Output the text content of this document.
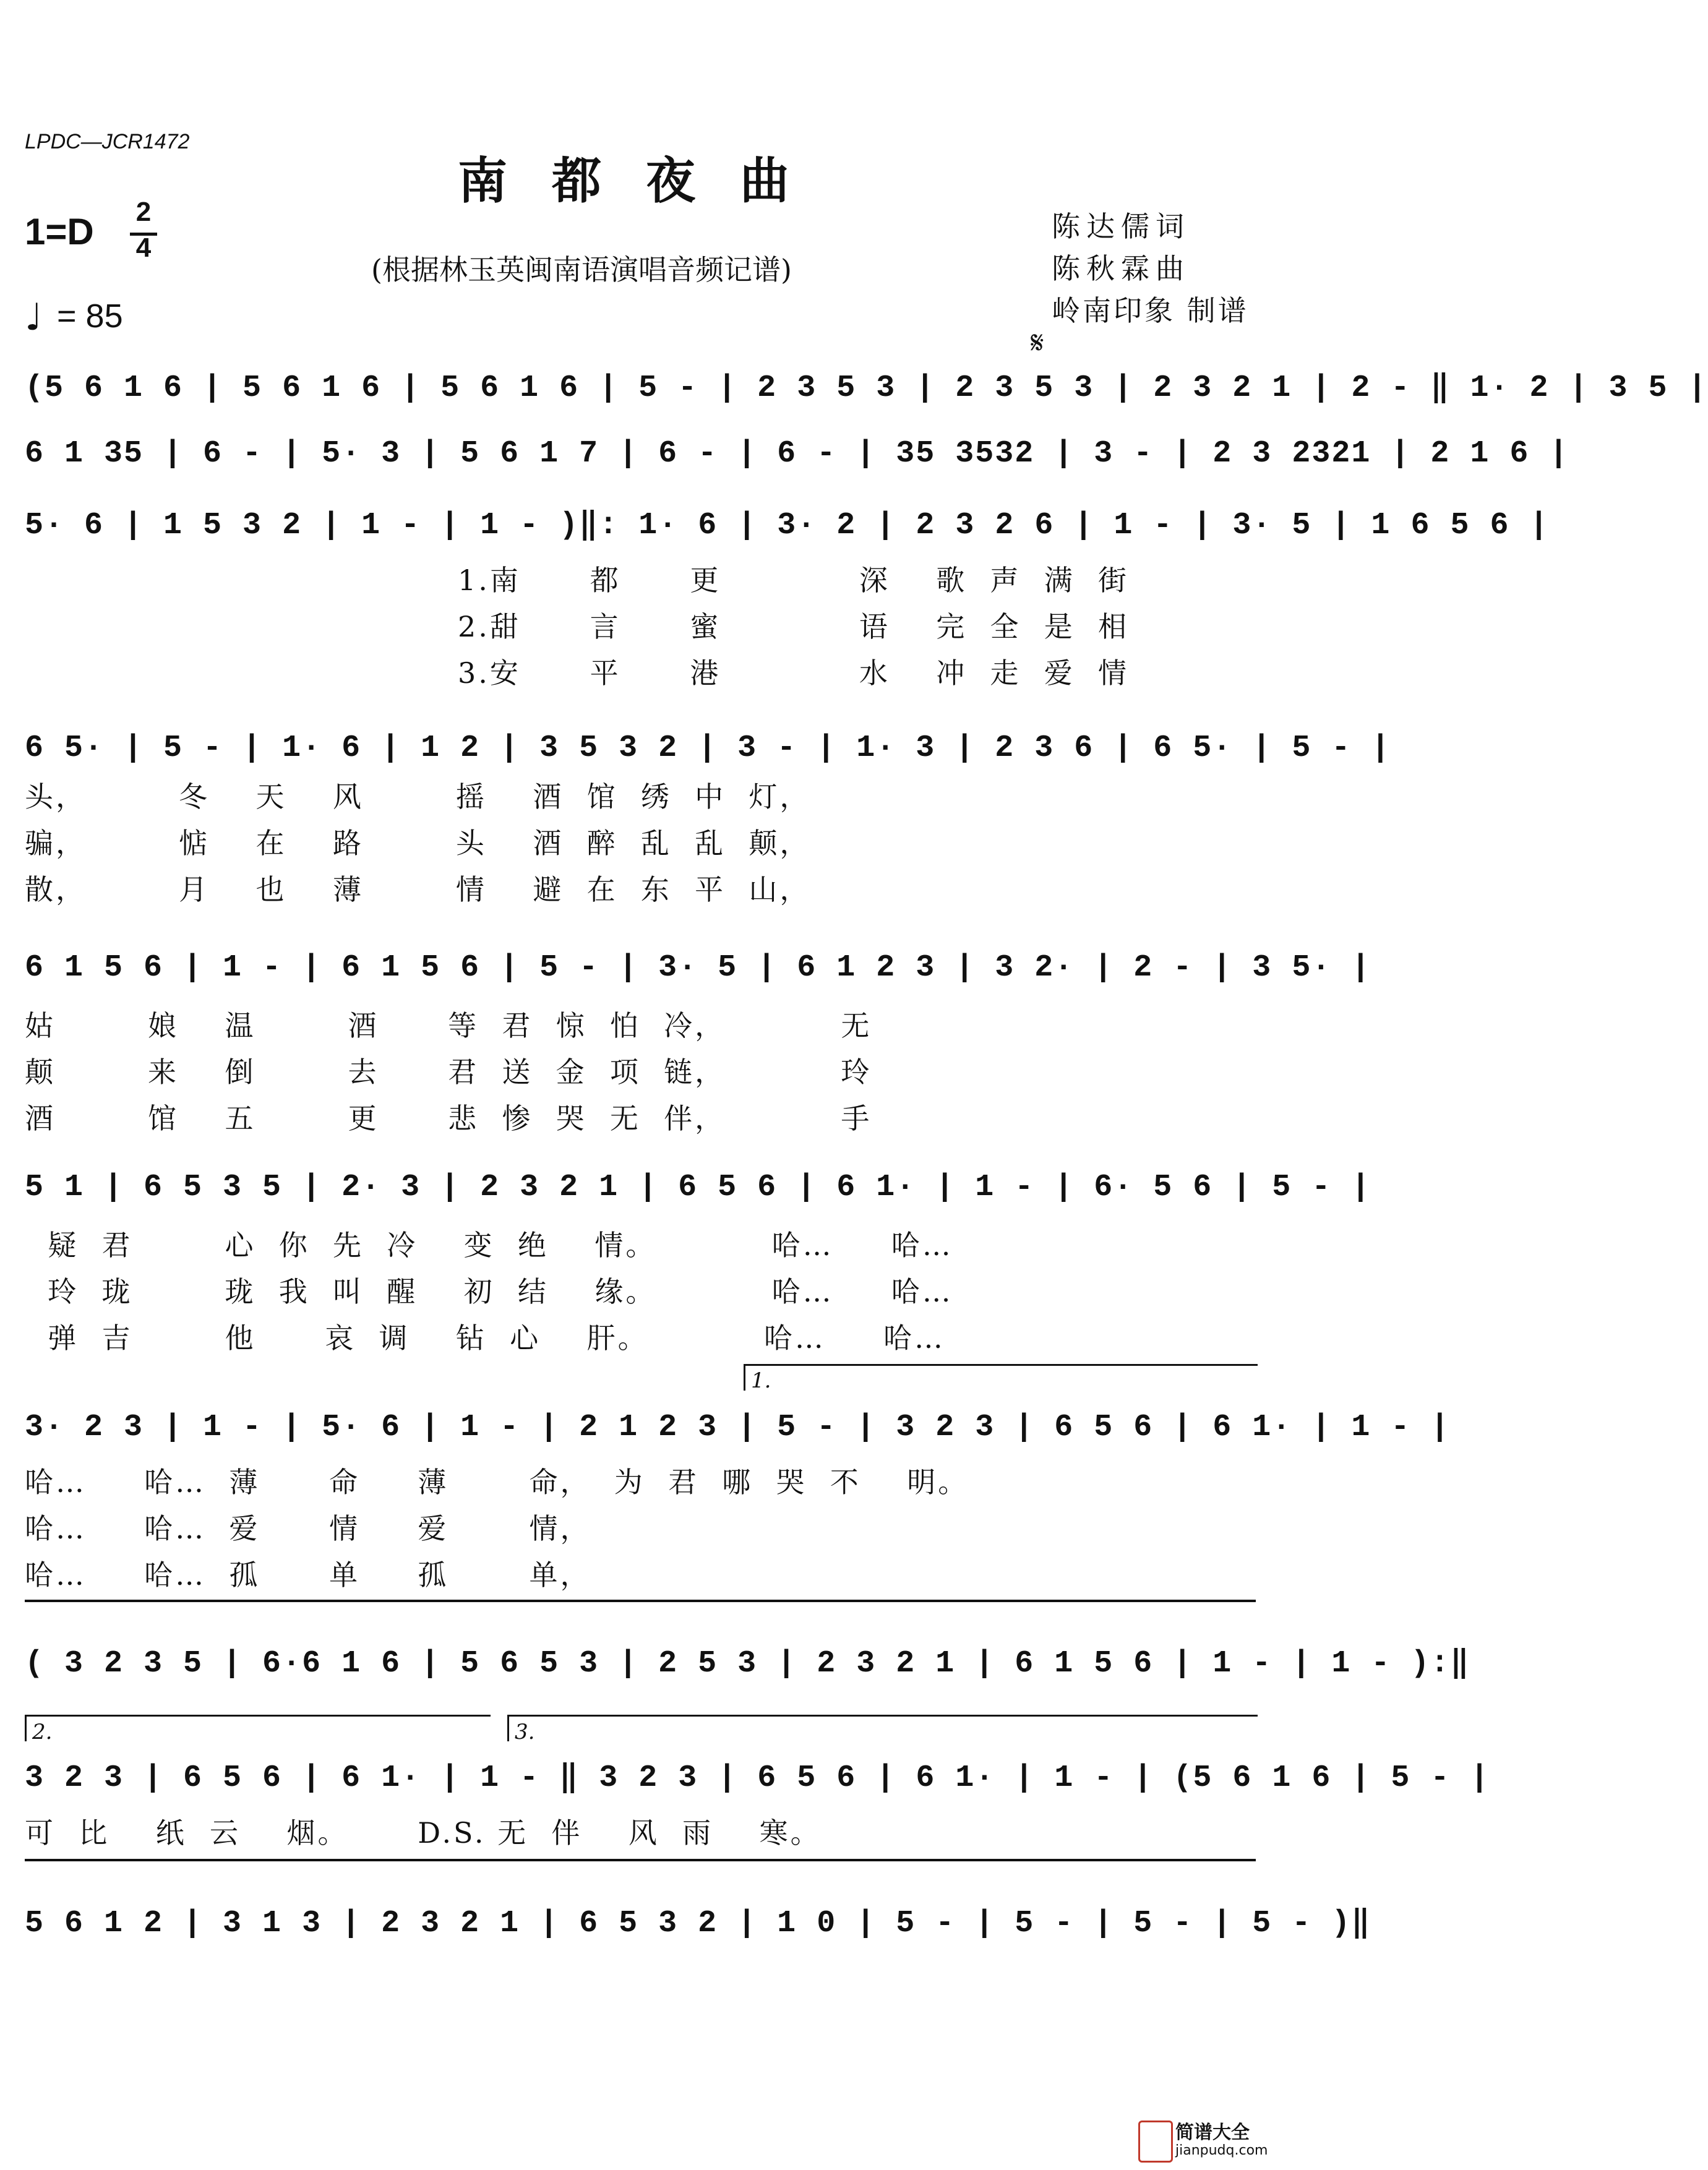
LPDC—JCR1472
南都夜曲
1=D 2
4
(根据林玉英闽南语演唱音频记谱)
陈达儒词
陈秋霖曲
岭南印象 制谱
♩ = 85
𝄋
(5 6 1 6 | 5 6 1 6 | 5 6 1 6 | 5 - | 2 3 5 3 | 2 3 5 3 | 2 3 2 1 | 2 - ‖ 1· 2 | 3 5 |
6 1 35 | 6 - | 5· 3 | 5 6 1 7 | 6 - | 6 - | 35 3532 | 3 - | 2 3 2321 | 2 1 6 |
5· 6 | 1 5 3 2 | 1 - | 1 - )‖: 1· 6 | 3· 2 | 2 3 2 6 | 1 - | 3· 5 | 1 6 5 6 |
1.南      都      更            深    歌  声  满  街
2.甜      言      蜜            语    完  全  是  相
3.安      平      港            水    冲  走  爱  情
6 5· | 5 - | 1· 6 | 1 2 | 3 5 3 2 | 3 - | 1· 3 | 2 3 6 | 6 5· | 5 - |
头，        冬    天    风        摇    酒  馆  绣  中  灯，
骗，        惦    在    路        头    酒  醉  乱  乱  颠，
散，        月    也    薄        情    避  在  东  平  山，
6 1 5 6 | 1 - | 6 1 5 6 | 5 - | 3· 5 | 6 1 2 3 | 3 2· | 2 - | 3 5· |
姑        娘    温        酒      等  君  惊  怕  冷，          无
颠        来    倒        去      君  送  金  项  链，          玲
酒        馆    五        更      悲  惨  哭  无  伴，          手
5 1 | 6 5 3 5 | 2· 3 | 2 3 2 1 | 6 5 6 | 6 1· | 1 - | 6· 5 6 | 5 - |
疑  君        心  你  先  冷    变  绝    情。          哈…     哈…
玲  珑        珑  我  叫  醒    初  结    缘。          哈…     哈…
弹  吉        他      哀  调    钻  心    肝。          哈…     哈…
1.
3· 2 3 | 1 - | 5· 6 | 1 - | 2 1 2 3 | 5 - | 3 2 3 | 6 5 6 | 6 1· | 1 - |
哈…     哈…  薄      命     薄       命，  为  君  哪  哭  不    明。
哈…     哈…  爱      情     爱       情，
哈…     哈…  孤      单     孤       单，
( 3 2 3 5 | 6·6 1 6 | 5 6 5 3 | 2 5 3 | 2 3 2 1 | 6 1 5 6 | 1 - | 1 - ):‖
2.	3.
3 2 3 | 6 5 6 | 6 1· | 1 - ‖ 3 2 3 | 6 5 6 | 6 1· | 1 - | (5 6 1 6 | 5 - |
可  比    纸  云    烟。      D.S. 无  伴    风  雨    寒。
5 6 1 2 | 3 1 3 | 2 3 2 1 | 6 5 3 2 | 1 0 | 5 - | 5 - | 5 - | 5 - )‖
简谱大全
jianpudq.com
